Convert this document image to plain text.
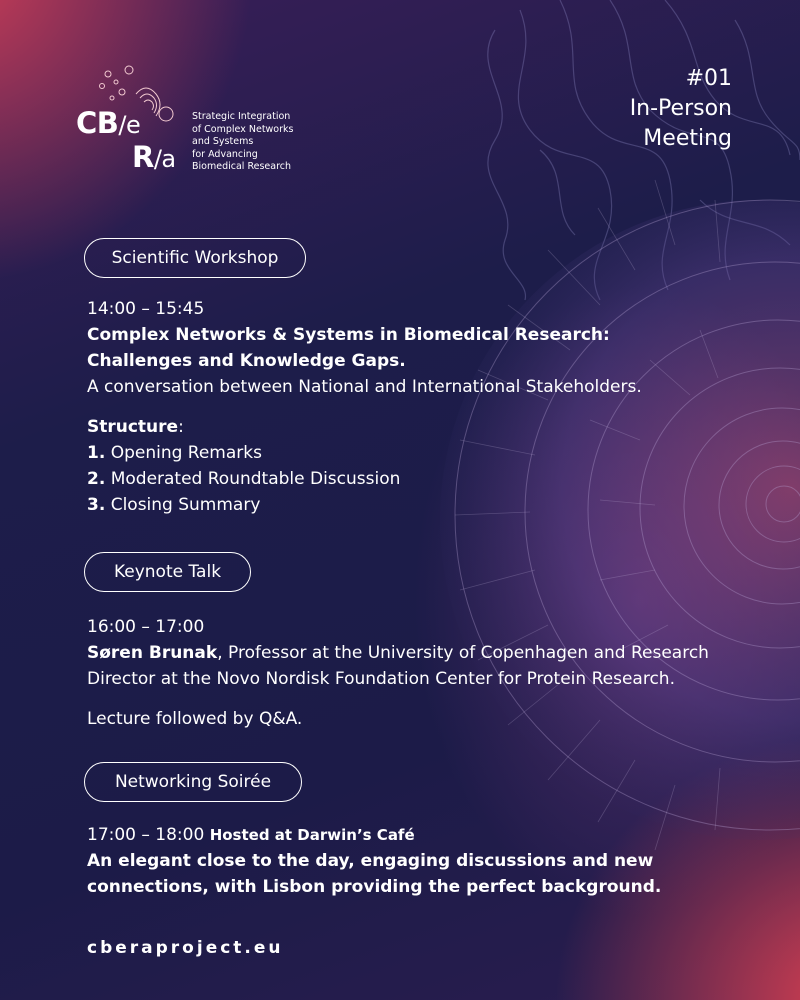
CB/e
R/a
Strategic Integration
of Complex Networks
and Systems
for Advancing
Biomedical Research
#01
In-Person
Meeting
Scientific Workshop
14:00 – 15:45
Complex Networks & Systems in Biomedical Research:
Challenges and Knowledge Gaps.
A conversation between National and International Stakeholders.
Structure:
1. Opening Remarks
2. Moderated Roundtable Discussion
3. Closing Summary
Keynote Talk
16:00 – 17:00
Søren Brunak, Professor at the University of Copenhagen and Research
Director at the Novo Nordisk Foundation Center for Protein Research.
Lecture followed by Q&A.
Networking Soirée
17:00 – 18:00 Hosted at Darwin’s Café
An elegant close to the day, engaging discussions and new
connections, with Lisbon providing the perfect background.
cberaproject.eu
